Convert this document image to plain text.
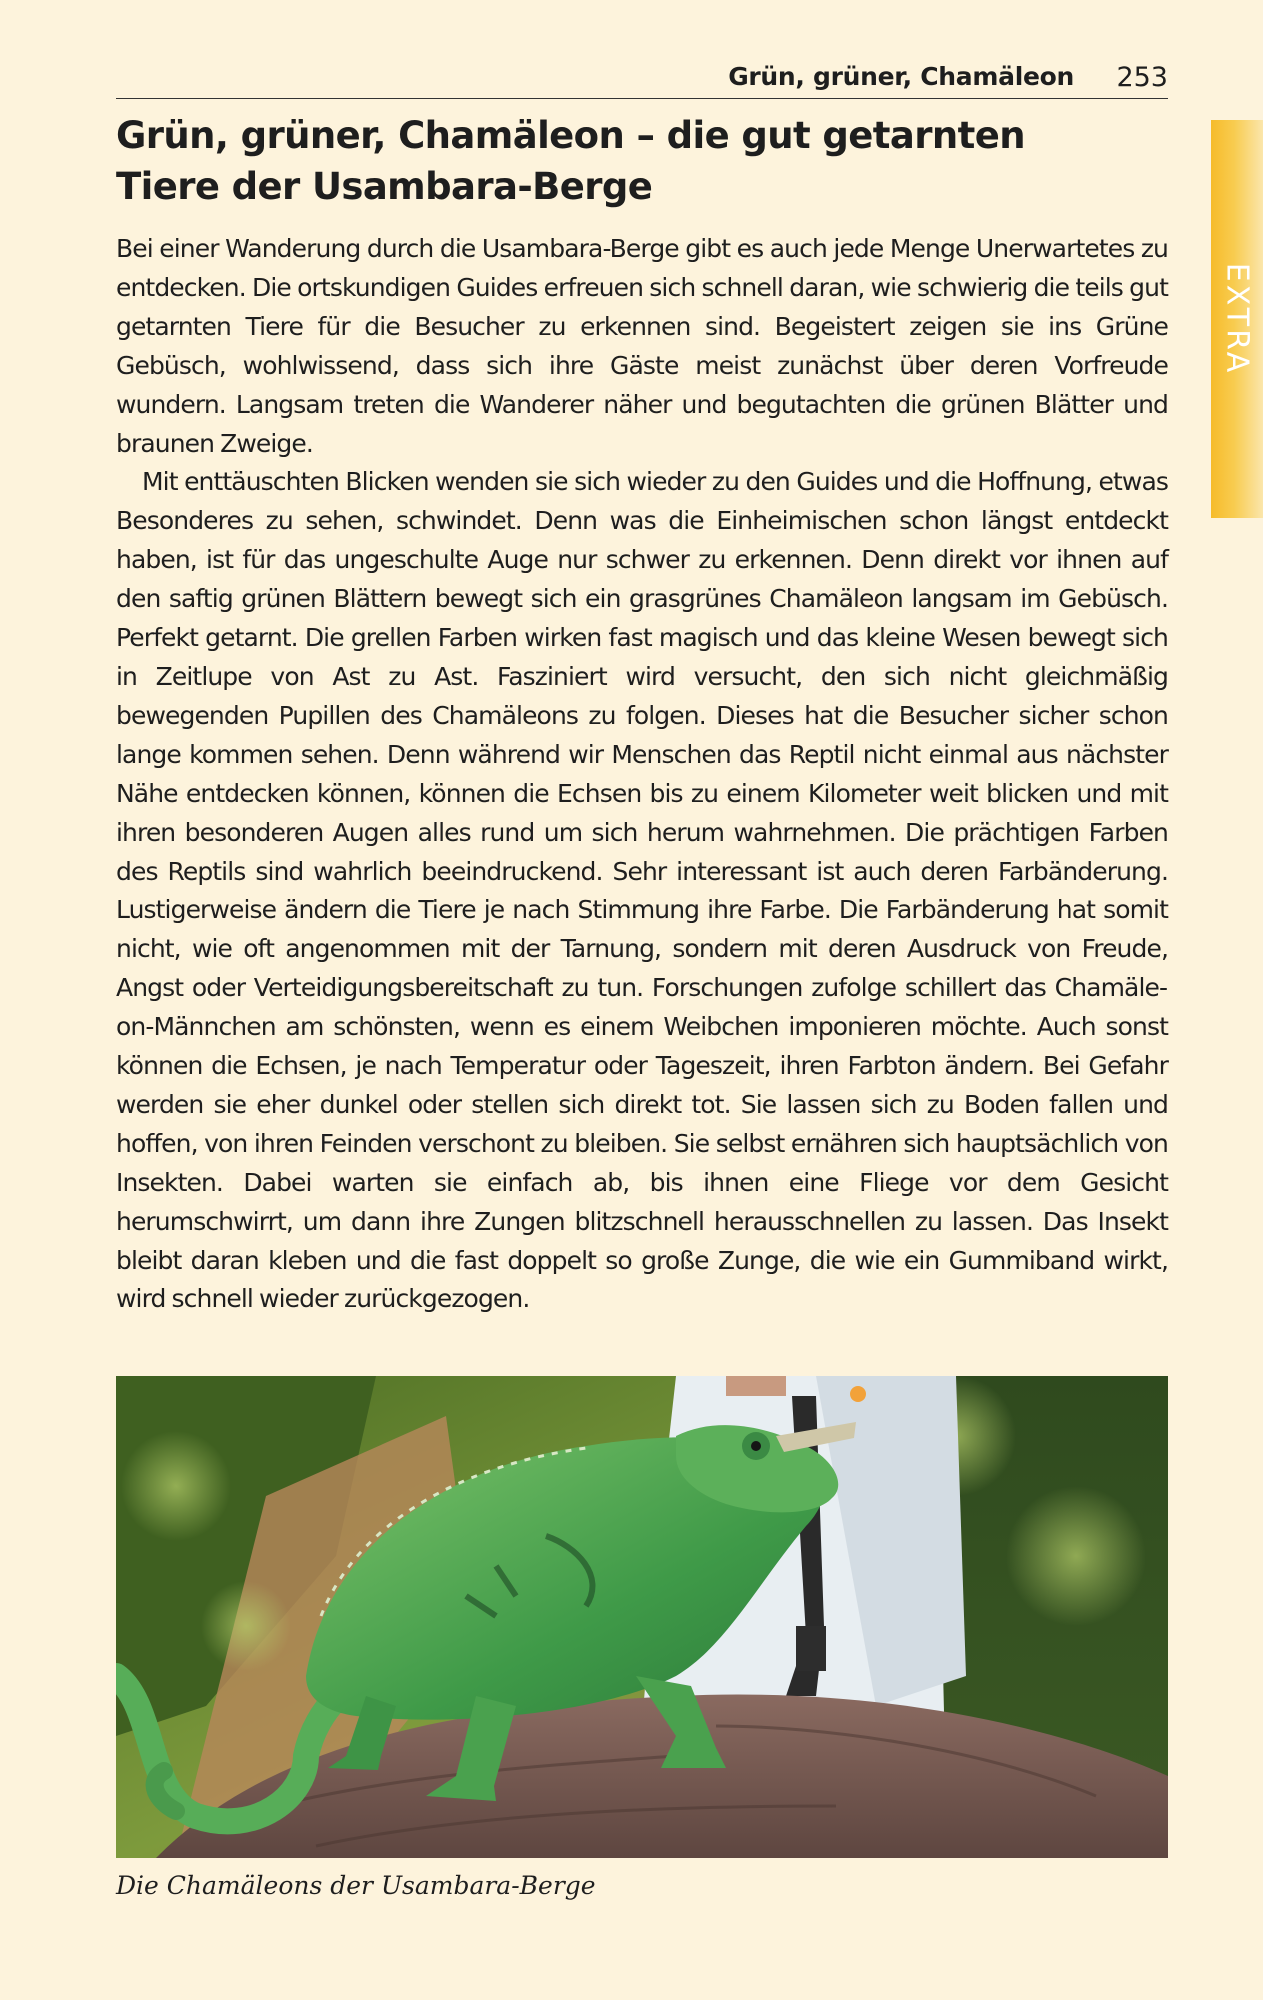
Grün, grüner, Chamäleon 253
EXTRA
Grün, grüner, Chamäleon – die gut getarnten
Tiere der Usambara-Berge

Bei einer Wanderung durch die Usambara-Berge gibt es auch jede Menge Unerwartetes zu entdecken. Die ortskundigen Guides erfreuen sich schnell daran, wie schwierig die teils gut getarnten Tiere für die Besucher zu erkennen sind. Begeistert zeigen sie ins Grüne Gebüsch, wohlwissend, dass sich ihre Gäste meist zunächst über deren Vorfreude wundern. Langsam treten die Wanderer näher und begutachten die grünen Blätter und braunen Zweige.

Mit enttäuschten Blicken wenden sie sich wieder zu den Guides und die Hoffnung, etwas Besonderes zu sehen, schwindet. Denn was die Einheimischen schon längst entdeckt haben, ist für das ungeschulte Auge nur schwer zu erkennen. Denn direkt vor ihnen auf den saftig grünen Blättern bewegt sich ein grasgrünes Chamäleon langsam im Gebüsch. Perfekt getarnt. Die grellen Farben wirken fast magisch und das kleine Wesen bewegt sich in Zeitlupe von Ast zu Ast. Fasziniert wird versucht, den sich nicht gleichmäßig bewegenden Pupillen des Chamäleons zu folgen. Dieses hat die Besucher sicher schon lange kommen sehen. Denn während wir Menschen das Reptil nicht einmal aus nächster Nähe entdecken können, können die Echsen bis zu einem Kilometer weit blicken und mit ihren besonderen Augen alles rund um sich herum wahrnehmen. Die prächtigen Farben des Reptils sind wahrlich beeindruckend. Sehr interessant ist auch deren Farbänderung. Lustigerweise ändern die Tiere je nach Stimmung ihre Farbe. Die Farbänderung hat somit nicht, wie oft angenommen mit der Tarnung, sondern mit deren Ausdruck von Freude, Angst oder Verteidigungsbereitschaft zu tun. Forschungen zufolge schillert das Chamäleon-Männchen am schönsten, wenn es einem Weibchen imponieren möchte. Auch sonst können die Echsen, je nach Temperatur oder Tageszeit, ihren Farbton ändern. Bei Gefahr werden sie eher dunkel oder stellen sich direkt tot. Sie lassen sich zu Boden fallen und hoffen, von ihren Feinden verschont zu bleiben. Sie selbst ernähren sich hauptsächlich von Insekten. Dabei warten sie einfach ab, bis ihnen eine Fliege vor dem Gesicht herumschwirrt, um dann ihre Zungen blitzschnell herausschnellen zu lassen. Das Insekt bleibt daran kleben und die fast doppelt so große Zunge, die wie ein Gummiband wirkt, wird schnell wieder zurückgezogen.

Die Chamäleons der Usambara-Berge
